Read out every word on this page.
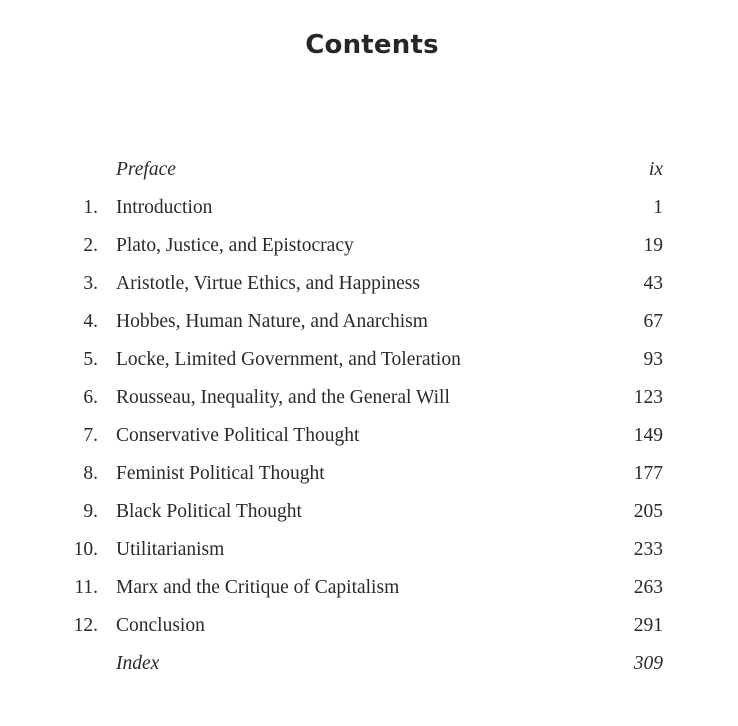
Contents
Preface	ix
1. Introduction	1
2. Plato, Justice, and Epistocracy	19
3. Aristotle, Virtue Ethics, and Happiness	43
4. Hobbes, Human Nature, and Anarchism	67
5. Locke, Limited Government, and Toleration	93
6. Rousseau, Inequality, and the General Will	123
7. Conservative Political Thought	149
8. Feminist Political Thought	177
9. Black Political Thought	205
10. Utilitarianism	233
11. Marx and the Critique of Capitalism	263
12. Conclusion	291
Index	309
